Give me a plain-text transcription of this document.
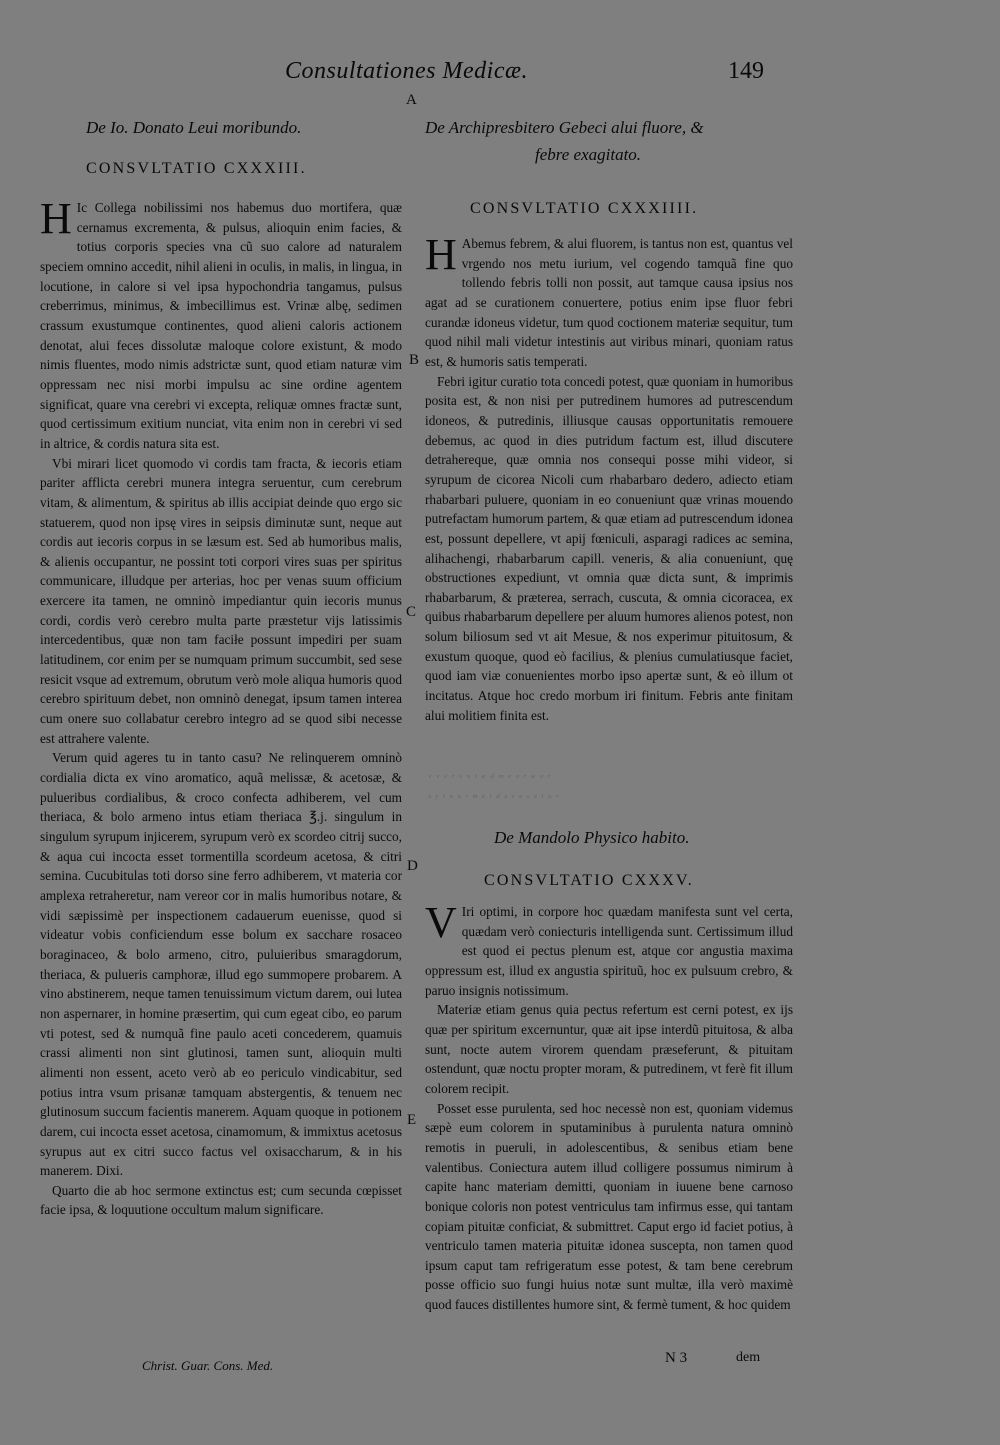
Consultationes Medicæ.	149
A
B
C
D
E
De Io. Donato Leui moribundo.
CONSVLTATIO CXXXIII.

H Ic Collega nobilissimi nos habemus duo mortifera, quæ cernamus excrementa, & pulsus, alioquin enim facies, & totius corporis species vna cũ suo calore ad naturalem speciem omnino accedit, nihil alieni in oculis, in malis, in lingua, in locutione, in calore si vel ipsa hypochondria tangamus, pulsus creberrimus, minimus, & imbecillimus est. Vrinæ albę, sedimen crassum exustumque continentes, quod alieni caloris actionem denotat, alui feces dissolutæ maloque colore existunt, & modo nimis fluentes, modo nimis adstrictæ sunt, quod etiam naturæ vim oppressam nec nisi morbi impulsu ac sine ordine agentem significat, quare vna cerebri vi excepta, reliquæ omnes fractæ sunt, quod certissimum exitium nunciat, vita enim non in cerebri vi sed in altrice, & cordis natura sita est.

Vbi mirari licet quomodo vi cordis tam fracta, & iecoris etiam pariter afflicta cerebri munera integra seruentur, cum cerebrum vitam, & alimentum, & spiritus ab illis accipiat deinde quo ergo sic statuerem, quod non ipsę vires in seipsis diminutæ sunt, neque aut cordis aut iecoris corpus in se læsum est. Sed ab humoribus malis, & alienis occupantur, ne possint toti corpori vires suas per spiritus communicare, illudque per arterias, hoc per venas suum officium exercere ita tamen, ne omninò impediantur quin iecoris munus cordi, cordis verò cerebro multa parte præstetur vijs latissimis intercedentibus, quæ non tam faciłe possunt impediri per suam latitudinem, cor enim per se numquam primum succumbit, sed sese resicit vsque ad extremum, obrutum verò mole aliqua humoris quod cerebro spirituum debet, non omninò denegat, ipsum tamen interea cum onere suo collabatur cerebro integro ad se quod sibi necesse est attrahere valente.

Verum quid ageres tu in tanto casu? Ne relinquerem omninò cordialia dicta ex vino aromatico, aquã melissæ, & acetosæ, & pulueribus cordialibus, & croco confecta adhiberem, vel cum theriaca, & bolo armeno intus etiam theriaca ℥.j. singulum in singulum syrupum injicerem, syrupum verò ex scordeo citrij succo, & aqua cui incocta esset tormentilla scordeum acetosa, & citri semina. Cucubitulas toti dorso sine ferro adhiberem, vt materia cor amplexa retraheretur, nam vereor cor in malis humoribus notare, & vidi sæpissimè per inspectionem cadauerum euenisse, quod si videatur vobis conficiendum esse bolum ex sacchare rosaceo boraginaceo, & bolo armeno, citro, puluieribus smaragdorum, theriaca, & pulueris camphoræ, illud ego summopere probarem. A vino abstinerem, neque tamen tenuissimum victum darem, oui lutea non aspernarer, in homine præsertim, qui cum egeat cibo, eo parum vti potest, sed & numquã fine paulo aceti concederem, quamuis crassi alimenti non sint glutinosi, tamen sunt, alioquin multi alimenti non essent, aceto verò ab eo periculo vindicabitur, sed potius intra vsum prisanæ tamquam abstergentis, & tenuem nec glutinosum succum facientis manerem. Aquam quoque in potionem darem, cui incocta esset acetosa, cinamomum, & immixtus acetosus syrupus aut ex citri succo factus vel oxisaccharum, & in his manerem. Dixi.

Quarto die ab hoc sermone extinctus est; cum secunda cœpisset facie ipsa, & loquutione occultum malum significare.

De Archipresbitero Gebeci alui fluore, &
febre exagitato.
CONSVLTATIO CXXXIIII.

H Abemus febrem, & alui fluorem, is tantus non est, quantus vel vrgendo nos metu iurium, vel cogendo tamquã fine quo tollendo febris tolli non possit, aut tamque causa ipsius nos agat ad se curationem conuertere, potius enim ipse fluor febri curandæ idoneus videtur, tum quod coctionem materiæ sequitur, tum quod nihil mali videtur intestinis aut viribus minari, quoniam ratus est, & humoris satis temperati.

Febri igitur curatio tota concedi potest, quæ quoniam in humoribus posita est, & non nisi per putredinem humores ad putrescendum idoneos, & putredinis, illiusque causas opportunitatis remouere debemus, ac quod in dies putridum factum est, illud discutere detrahereque, quæ omnia nos consequi posse mihi videor, si syrupum de cicorea Nicoli cum rhabarbaro dedero, adiecto etiam rhabarbari puluere, quoniam in eo conueniunt quæ vrinas mouendo putrefactam humorum partem, & quæ etiam ad putrescendum idonea est, possunt depellere, vt apij fœniculi, asparagi radices ac semina, alihachengi, rhabarbarum capill. veneris, & alia conueniunt, quę obstructiones expediunt, vt omnia quæ dicta sunt, & imprimis rhabarbarum, & præterea, serrach, cuscuta, & omnia cicoracea, ex quibus rhabarbarum depellere per aluum humores alienos potest, non solum biliosum sed vt ait Mesue, & nos experimur pituitosum, & exustum quoque, quod eò facilius, & plenius cumulatiusque faciet, quod iam viæ conuenientes morbo ipso apertæ sunt, & eò illum ot incitatus. Atque hoc credo morbum iri finitum. Febris ante finitam alui molitiem finita est.

ᵛ ᵛ ᵛ ʳ ᵛ ᵘ ᵗ ᵃ ᵈ ᵐ ᵉ ᵒ ʳ ʷ ᵘ ʳ
ˢ ʸ ᵗ ᵒ ᵘ ʳ ᵐ ᵉ ᵗ ᵈ ᵉ ʳ ᵉ ˢ ᵉ ᵗ ᵘ ʳ
De Mandolo Physico habito.
CONSVLTATIO CXXXV.

V Iri optimi, in corpore hoc quædam manifesta sunt vel certa, quædam verò coniecturis intelligenda sunt. Certissimum illud est quod ei pectus plenum est, atque cor angustia maxima oppressum est, illud ex angustia spirituũ, hoc ex pulsuum crebro, & paruo insignis notissimum.

Materiæ etiam genus quia pectus refertum est cerni potest, ex ijs quæ per spiritum excernuntur, quæ ait ipse interdũ pituitosa, & alba sunt, nocte autem virorem quendam præseferunt, & pituitam ostendunt, quæ noctu propter moram, & putredinem, vt ferè fit illum colorem recipit.

Posset esse purulenta, sed hoc necessè non est, quoniam videmus sæpè eum colorem in sputaminibus à purulenta natura omninò remotis in pueruli, in adolescentibus, & senibus etiam bene valentibus. Coniectura autem illud colligere possumus nimirum à capite hanc materiam demitti, quoniam in iuuene bene carnoso bonique coloris non potest ventriculus tam infirmus esse, qui tantam copiam pituitæ conficiat, & submittret. Caput ergo id faciet potius, à ventriculo tamen materia pituitæ idonea suscepta, non tamen quod ipsum caput tam refrigeratum esse potest, & tam bene cerebrum posse officio suo fungi huius notæ sunt multæ, illa verò maximè quod fauces distillentes humore sint, & fermè tument, & hoc quidem

Christ. Guar. Cons. Med.	N 3	dem
